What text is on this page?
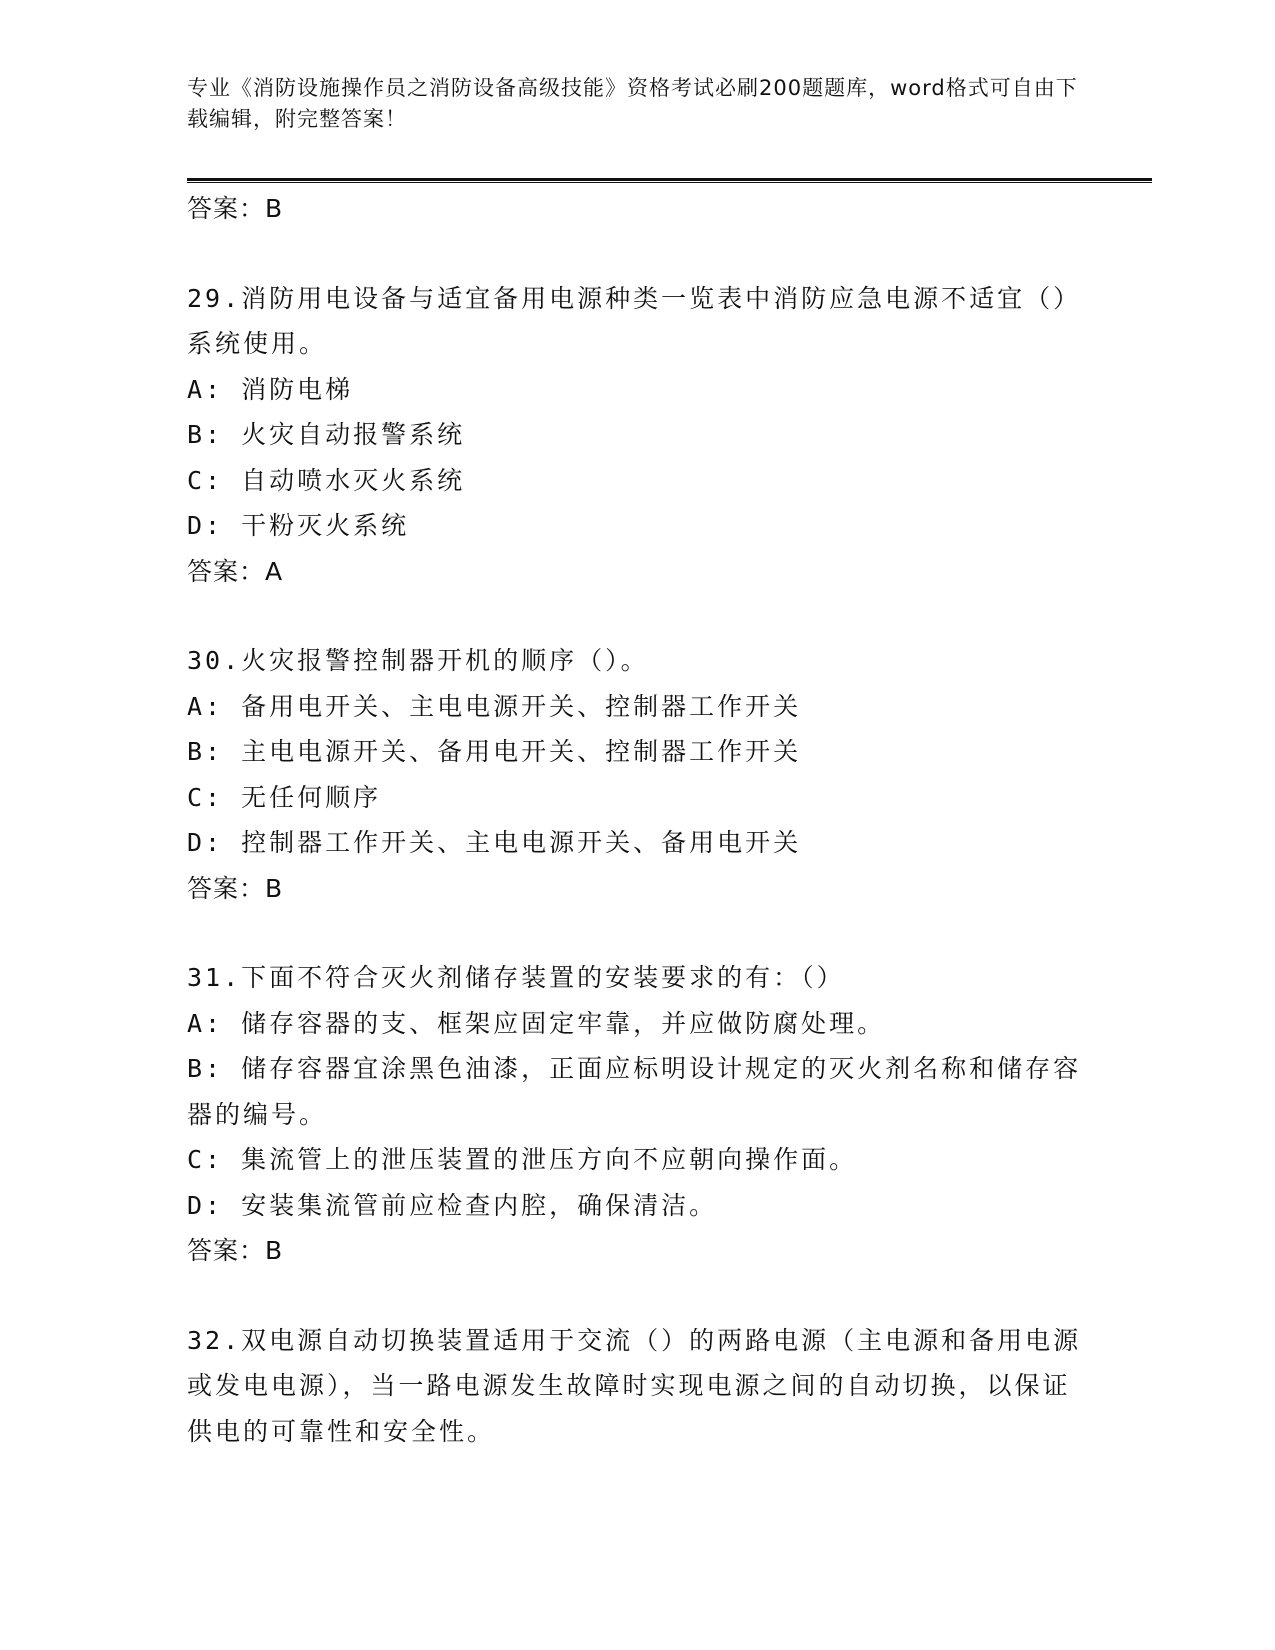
专业《消防设施操作员之消防设备高级技能》资格考试必刷200题题库，word格式可自由下载编辑，附完整答案！
答案：B
29.消防用电设备与适宜备用电源种类一览表中消防应急电源不适宜（）系统使用。
A: 消防电梯
B: 火灾自动报警系统
C: 自动喷水灭火系统
D: 干粉灭火系统
答案：A
30.火灾报警控制器开机的顺序（）。
A: 备用电开关、主电电源开关、控制器工作开关
B: 主电电源开关、备用电开关、控制器工作开关
C: 无任何顺序
D: 控制器工作开关、主电电源开关、备用电开关
答案：B
31.下面不符合灭火剂储存装置的安装要求的有：（）
A: 储存容器的支、框架应固定牢靠，并应做防腐处理。
B: 储存容器宜涂黑色油漆，正面应标明设计规定的灭火剂名称和储存容器的编号。
C: 集流管上的泄压装置的泄压方向不应朝向操作面。
D: 安装集流管前应检查内腔，确保清洁。
答案：B
32.双电源自动切换装置适用于交流（）的两路电源（主电源和备用电源或发电电源），当一路电源发生故障时实现电源之间的自动切换，以保证供电的可靠性和安全性。
